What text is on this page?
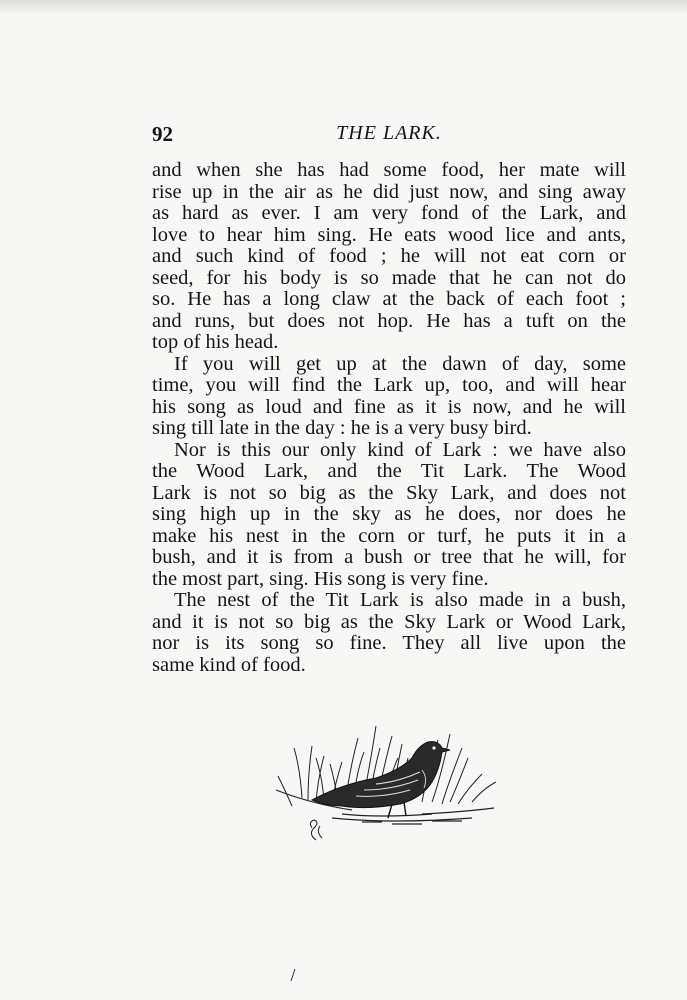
92	THE LARK.

and when she has had some food, her mate will
rise up in the air as he did just now, and sing away
as hard as ever. I am very fond of the Lark, and
love to hear him sing. He eats wood lice and ants,
and such kind of food ; he will not eat corn or
seed, for his body is so made that he can not do
so. He has a long claw at the back of each foot ;
and runs, but does not hop. He has a tuft on the
top of his head.

If you will get up at the dawn of day, some
time, you will find the Lark up, too, and will hear
his song as loud and fine as it is now, and he will
sing till late in the day : he is a very busy bird.

Nor is this our only kind of Lark : we have also
the Wood Lark, and the Tit Lark. The Wood
Lark is not so big as the Sky Lark, and does not
sing high up in the sky as he does, nor does he
make his nest in the corn or turf, he puts it in a
bush, and it is from a bush or tree that he will, for
the most part, sing. His song is very fine.

The nest of the Tit Lark is also made in a bush,
and it is not so big as the Sky Lark or Wood Lark,
nor is its song so fine. They all live upon the
same kind of food.
